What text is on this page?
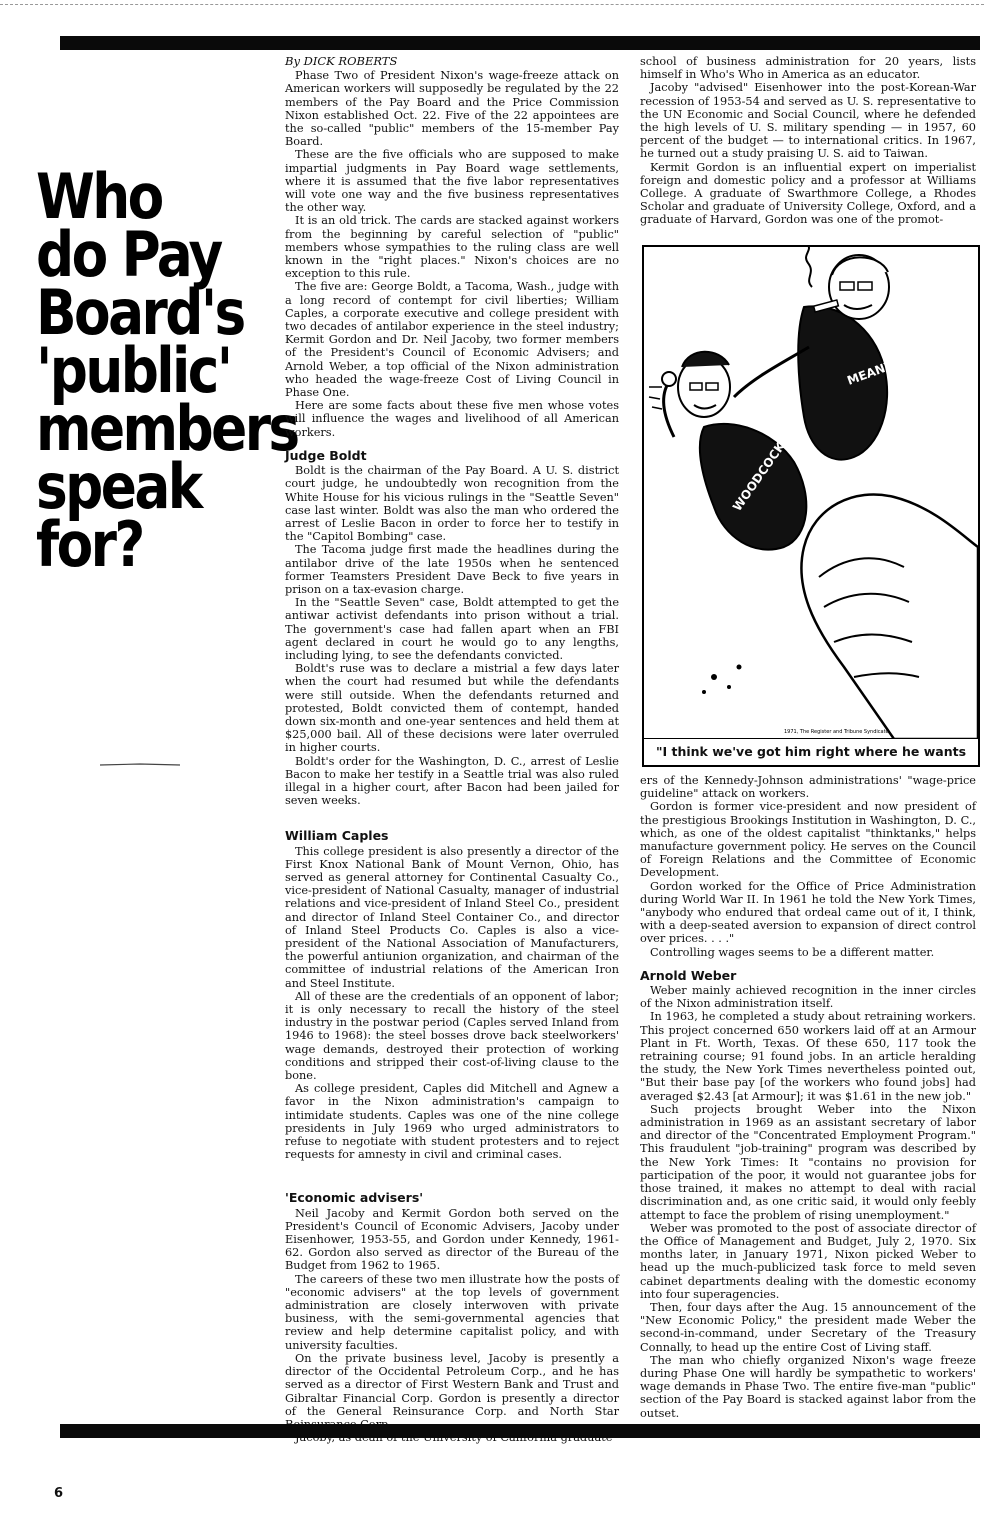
Who do Pay Board's 'public' members speak for?
By DICK ROBERTS

Phase Two of President Nixon's wage-freeze attack on American workers will supposedly be regulated by the 22 members of the Pay Board and the Price Commission Nixon established Oct. 22. Five of the 22 appointees are the so-called "public" members of the 15-member Pay Board.

These are the five officials who are supposed to make impartial judgments in Pay Board wage settlements, where it is assumed that the five labor representatives will vote one way and the five business representatives the other way.

It is an old trick. The cards are stacked against workers from the beginning by careful selection of "public" members whose sympathies to the ruling class are well known in the "right places." Nixon's choices are no exception to this rule.

The five are: George Boldt, a Tacoma, Wash., judge with a long record of contempt for civil liberties; William Caples, a corporate executive and college president with two decades of antilabor experience in the steel industry; Kermit Gordon and Dr. Neil Jacoby, two former members of the President's Council of Economic Advisers; and Arnold Weber, a top official of the Nixon administration who headed the wage-freeze Cost of Living Council in Phase One.

Here are some facts about these five men whose votes will influence the wages and livelihood of all American workers.

Judge Boldt

Boldt is the chairman of the Pay Board. A U. S. district court judge, he undoubtedly won recognition from the White House for his vicious rulings in the "Seattle Seven" case last winter. Boldt was also the man who ordered the arrest of Leslie Bacon in order to force her to testify in the "Capitol Bombing" case.

The Tacoma judge first made the headlines during the antilabor drive of the late 1950s when he sentenced former Teamsters President Dave Beck to five years in prison on a tax-evasion charge.

In the "Seattle Seven" case, Boldt attempted to get the antiwar activist defendants into prison without a trial. The government's case had fallen apart when an FBI agent declared in court he would go to any lengths, including lying, to see the defendants convicted.

Boldt's ruse was to declare a mistrial a few days later when the court had resumed but while the defendants were still outside. When the defendants returned and protested, Boldt convicted them of contempt, handed down six-month and one-year sentences and held them at $25,000 bail. All of these decisions were later overruled in higher courts.

Boldt's order for the Washington, D. C., arrest of Leslie Bacon to make her testify in a Seattle trial was also ruled illegal in a higher court, after Bacon had been jailed for seven weeks.

William Caples

This college president is also presently a director of the First Knox National Bank of Mount Vernon, Ohio, has served as general attorney for Continental Casualty Co., vice-president of National Casualty, manager of industrial relations and vice-president of Inland Steel Co., president and director of Inland Steel Container Co., and director of Inland Steel Products Co. Caples is also a vice-president of the National Association of Manufacturers, the powerful antiunion organization, and chairman of the committee of industrial relations of the American Iron and Steel Institute.

All of these are the credentials of an opponent of labor; it is only necessary to recall the history of the steel industry in the postwar period (Caples served Inland from 1946 to 1968): the steel bosses drove back steelworkers' wage demands, destroyed their protection of working conditions and stripped their cost-of-living clause to the bone.

As college president, Caples did Mitchell and Agnew a favor in the Nixon administration's campaign to intimidate students. Caples was one of the nine college presidents in July 1969 who urged administrators to refuse to negotiate with student protesters and to reject requests for amnesty in civil and criminal cases.

'Economic advisers'

Neil Jacoby and Kermit Gordon both served on the President's Council of Economic Advisers, Jacoby under Eisenhower, 1953-55, and Gordon under Kennedy, 1961-62. Gordon also served as director of the Bureau of the Budget from 1962 to 1965.

The careers of these two men illustrate how the posts of "economic advisers" at the top levels of government administration are closely interwoven with private business, with the semi-governmental agencies that review and help determine capitalist policy, and with university faculties.

On the private business level, Jacoby is presently a director of the Occidental Petroleum Corp., and he has served as a director of First Western Bank and Trust and Gibraltar Financial Corp. Gordon is presently a director of the General Reinsurance Corp. and North Star

school of business administration for 20 years, lists himself in Who's Who in America as an educator.

Jacoby "advised" Eisenhower into the post-Korean-War recession of 1953-54 and served as U. S. representative to the UN Economic and Social Council, where he defended the high levels of U. S. military spending — in 1957, 60 percent of the budget — to international critics. In 1967, he turned out a study praising U. S. aid to Taiwan.

Kermit Gordon is an influential expert on imperialist foreign and domestic policy and a professor at Williams College. A graduate of Swarthmore College, a Rhodes Scholar and graduate of University College, Oxford, and a graduate of Harvard, Gordon was one of the promot-

MEANY
WOODCOCK
1971, The Register and Tribune Syndicate
"I think we've got him right where he wants

ers of the Kennedy-Johnson administrations' "wage-price guideline" attack on workers.

Gordon is former vice-president and now president of the prestigious Brookings Institution in Washington, D. C., which, as one of the oldest capitalist "thinktanks," helps manufacture government policy. He serves on the Council of Foreign Relations and the Committee of Economic Development.

Gordon worked for the Office of Price Administration during World War II. In 1961 he told the New York Times, "anybody who endured that ordeal came out of it, I think, with a deep-seated aversion to expansion of direct control over prices. . . ."

Controlling wages seems to be a different matter.

Arnold Weber

Weber mainly achieved recognition in the inner circles of the Nixon administration itself.

In 1963, he completed a study about retraining workers. This project concerned 650 workers laid off at an Armour Plant in Ft. Worth, Texas. Of these 650, 117 took the retraining course; 91 found jobs. In an article heralding the study, the New York Times nevertheless pointed out, "But their base pay [of the workers who found jobs] had averaged $2.43 [at Armour]; it was $1.61 in the new job."

Such projects brought Weber into the Nixon administration in 1969 as an assistant secretary of labor and director of the "Concentrated Employment Program." This fraudulent "job-training" program was described by the New York Times: It "contains no provision for participation of the poor, it would not guarantee jobs for those trained, it makes no attempt to deal with racial discrimination and, as one critic said, it would only feebly attempt to face the problem of rising unemployment."

Weber was promoted to the post of associate director of the Office of Management and Budget, July 2, 1970. Six months later, in January 1971, Nixon picked Weber to head up the much-publicized task force to meld seven cabinet departments dealing with the domestic economy into four superagencies.

Then, four days after the Aug. 15 announcement of the "New Economic Policy," the president made Weber the second-in-command, under Secretary of the Treasury Connally, to head up the entire Cost of Living staff.

The man who chiefly organized Nixon's wage freeze during Phase One will hardly be sympathetic to workers' wage demands in Phase Two. The entire five-man "public" section of the Pay Board is stacked against labor from the outset.

6
